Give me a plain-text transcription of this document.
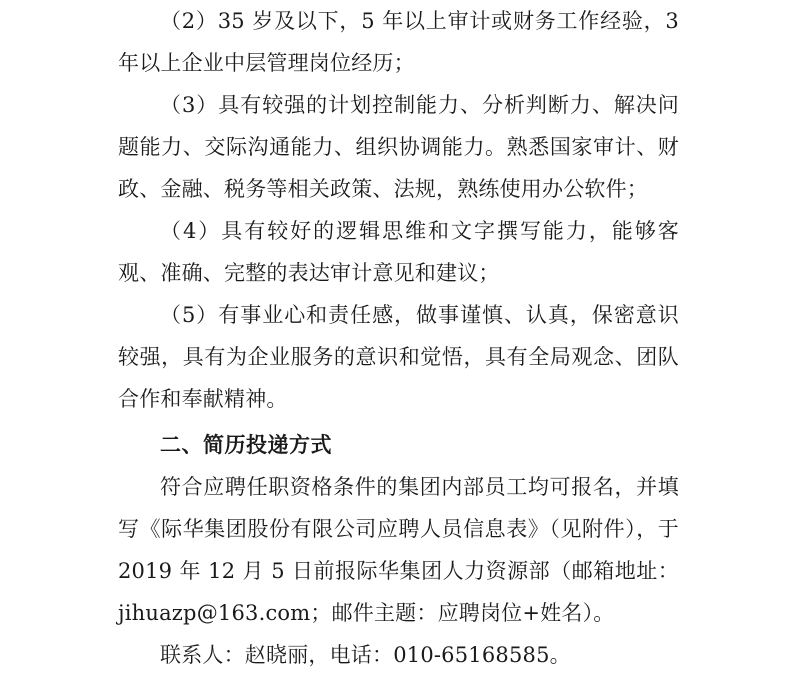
（2）35 岁及以下，5 年以上审计或财务工作经验，3 年以上企业中层管理岗位经历；

（3）具有较强的计划控制能力、分析判断力、解决问题能力、交际沟通能力、组织协调能力。熟悉国家审计、财政、金融、税务等相关政策、法规，熟练使用办公软件；

（4）具有较好的逻辑思维和文字撰写能力，能够客观、准确、完整的表达审计意见和建议；

（5）有事业心和责任感，做事谨慎、认真，保密意识较强，具有为企业服务的意识和觉悟，具有全局观念、团队合作和奉献精神。

二、简历投递方式

符合应聘任职资格条件的集团内部员工均可报名，并填写《际华集团股份有限公司应聘人员信息表》（见附件），于 2019 年 12 月 5 日前报际华集团人力资源部（邮箱地址：jihuazp@163.com；邮件主题：应聘岗位+姓名）。

联系人：赵晓丽，电话：010-65168585。
